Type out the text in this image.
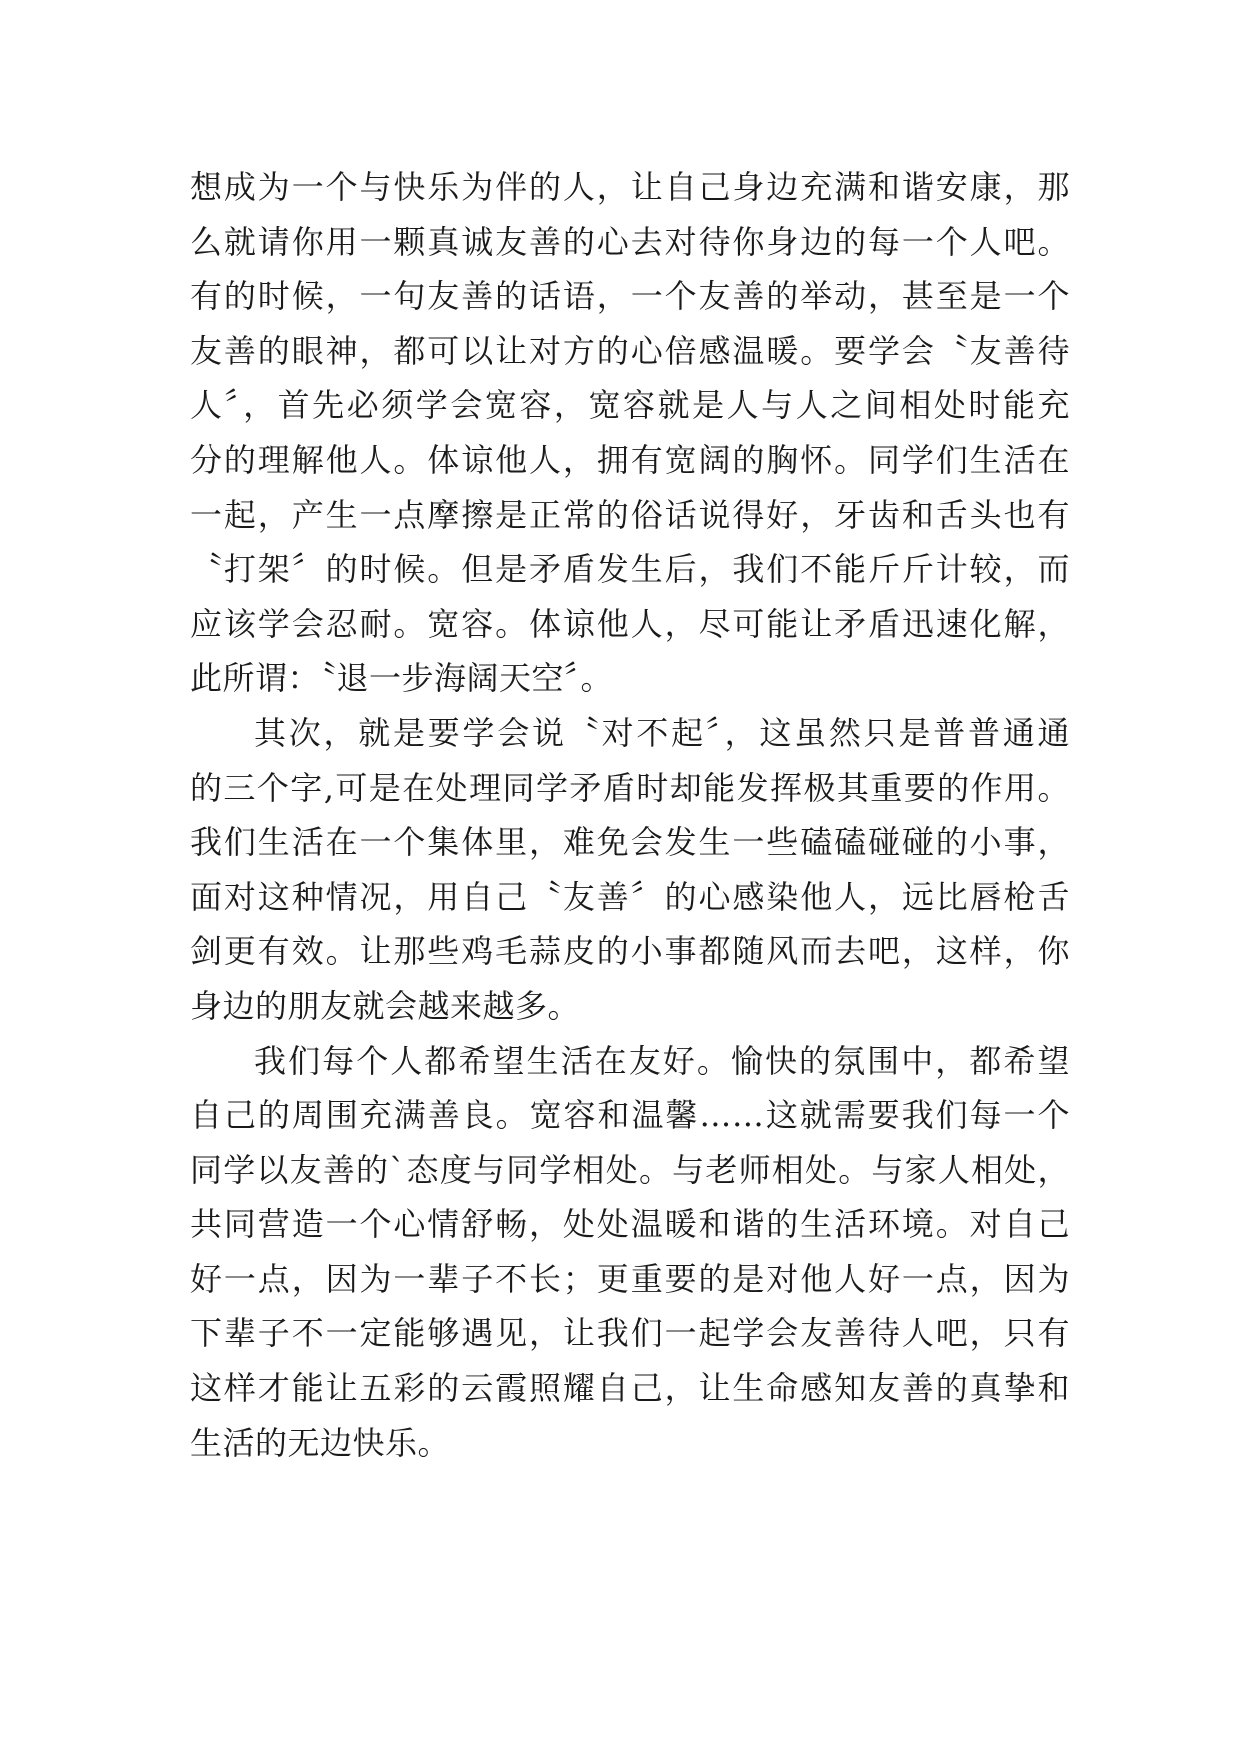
想成为一个与快乐为伴的人，让自己身边充满和谐安康，那
么就请你用一颗真诚友善的心去对待你身边的每一个人吧。
有的时候，一句友善的话语，一个友善的举动，甚至是一个
友善的眼神，都可以让对方的心倍感温暖。要学会〝友善待
人〞，首先必须学会宽容，宽容就是人与人之间相处时能充
分的理解他人。体谅他人，拥有宽阔的胸怀。同学们生活在
一起，产生一点摩擦是正常的俗话说得好，牙齿和舌头也有
〝打架〞的时候。但是矛盾发生后，我们不能斤斤计较，而
应该学会忍耐。宽容。体谅他人，尽可能让矛盾迅速化解，
此所谓：〝退一步海阔天空〞。
其次，就是要学会说〝对不起〞，这虽然只是普普通通
的三个字,可是在处理同学矛盾时却能发挥极其重要的作用。
我们生活在一个集体里，难免会发生一些磕磕碰碰的小事，
面对这种情况，用自己〝友善〞的心感染他人，远比唇枪舌
剑更有效。让那些鸡毛蒜皮的小事都随风而去吧，这样，你
身边的朋友就会越来越多。
我们每个人都希望生活在友好。愉快的氛围中，都希望
自己的周围充满善良。宽容和温馨……这就需要我们每一个
同学以友善的`态度与同学相处。与老师相处。与家人相处，
共同营造一个心情舒畅，处处温暖和谐的生活环境。对自己
好一点，因为一辈子不长；更重要的是对他人好一点，因为
下辈子不一定能够遇见，让我们一起学会友善待人吧，只有
这样才能让五彩的云霞照耀自己，让生命感知友善的真挚和
生活的无边快乐。
